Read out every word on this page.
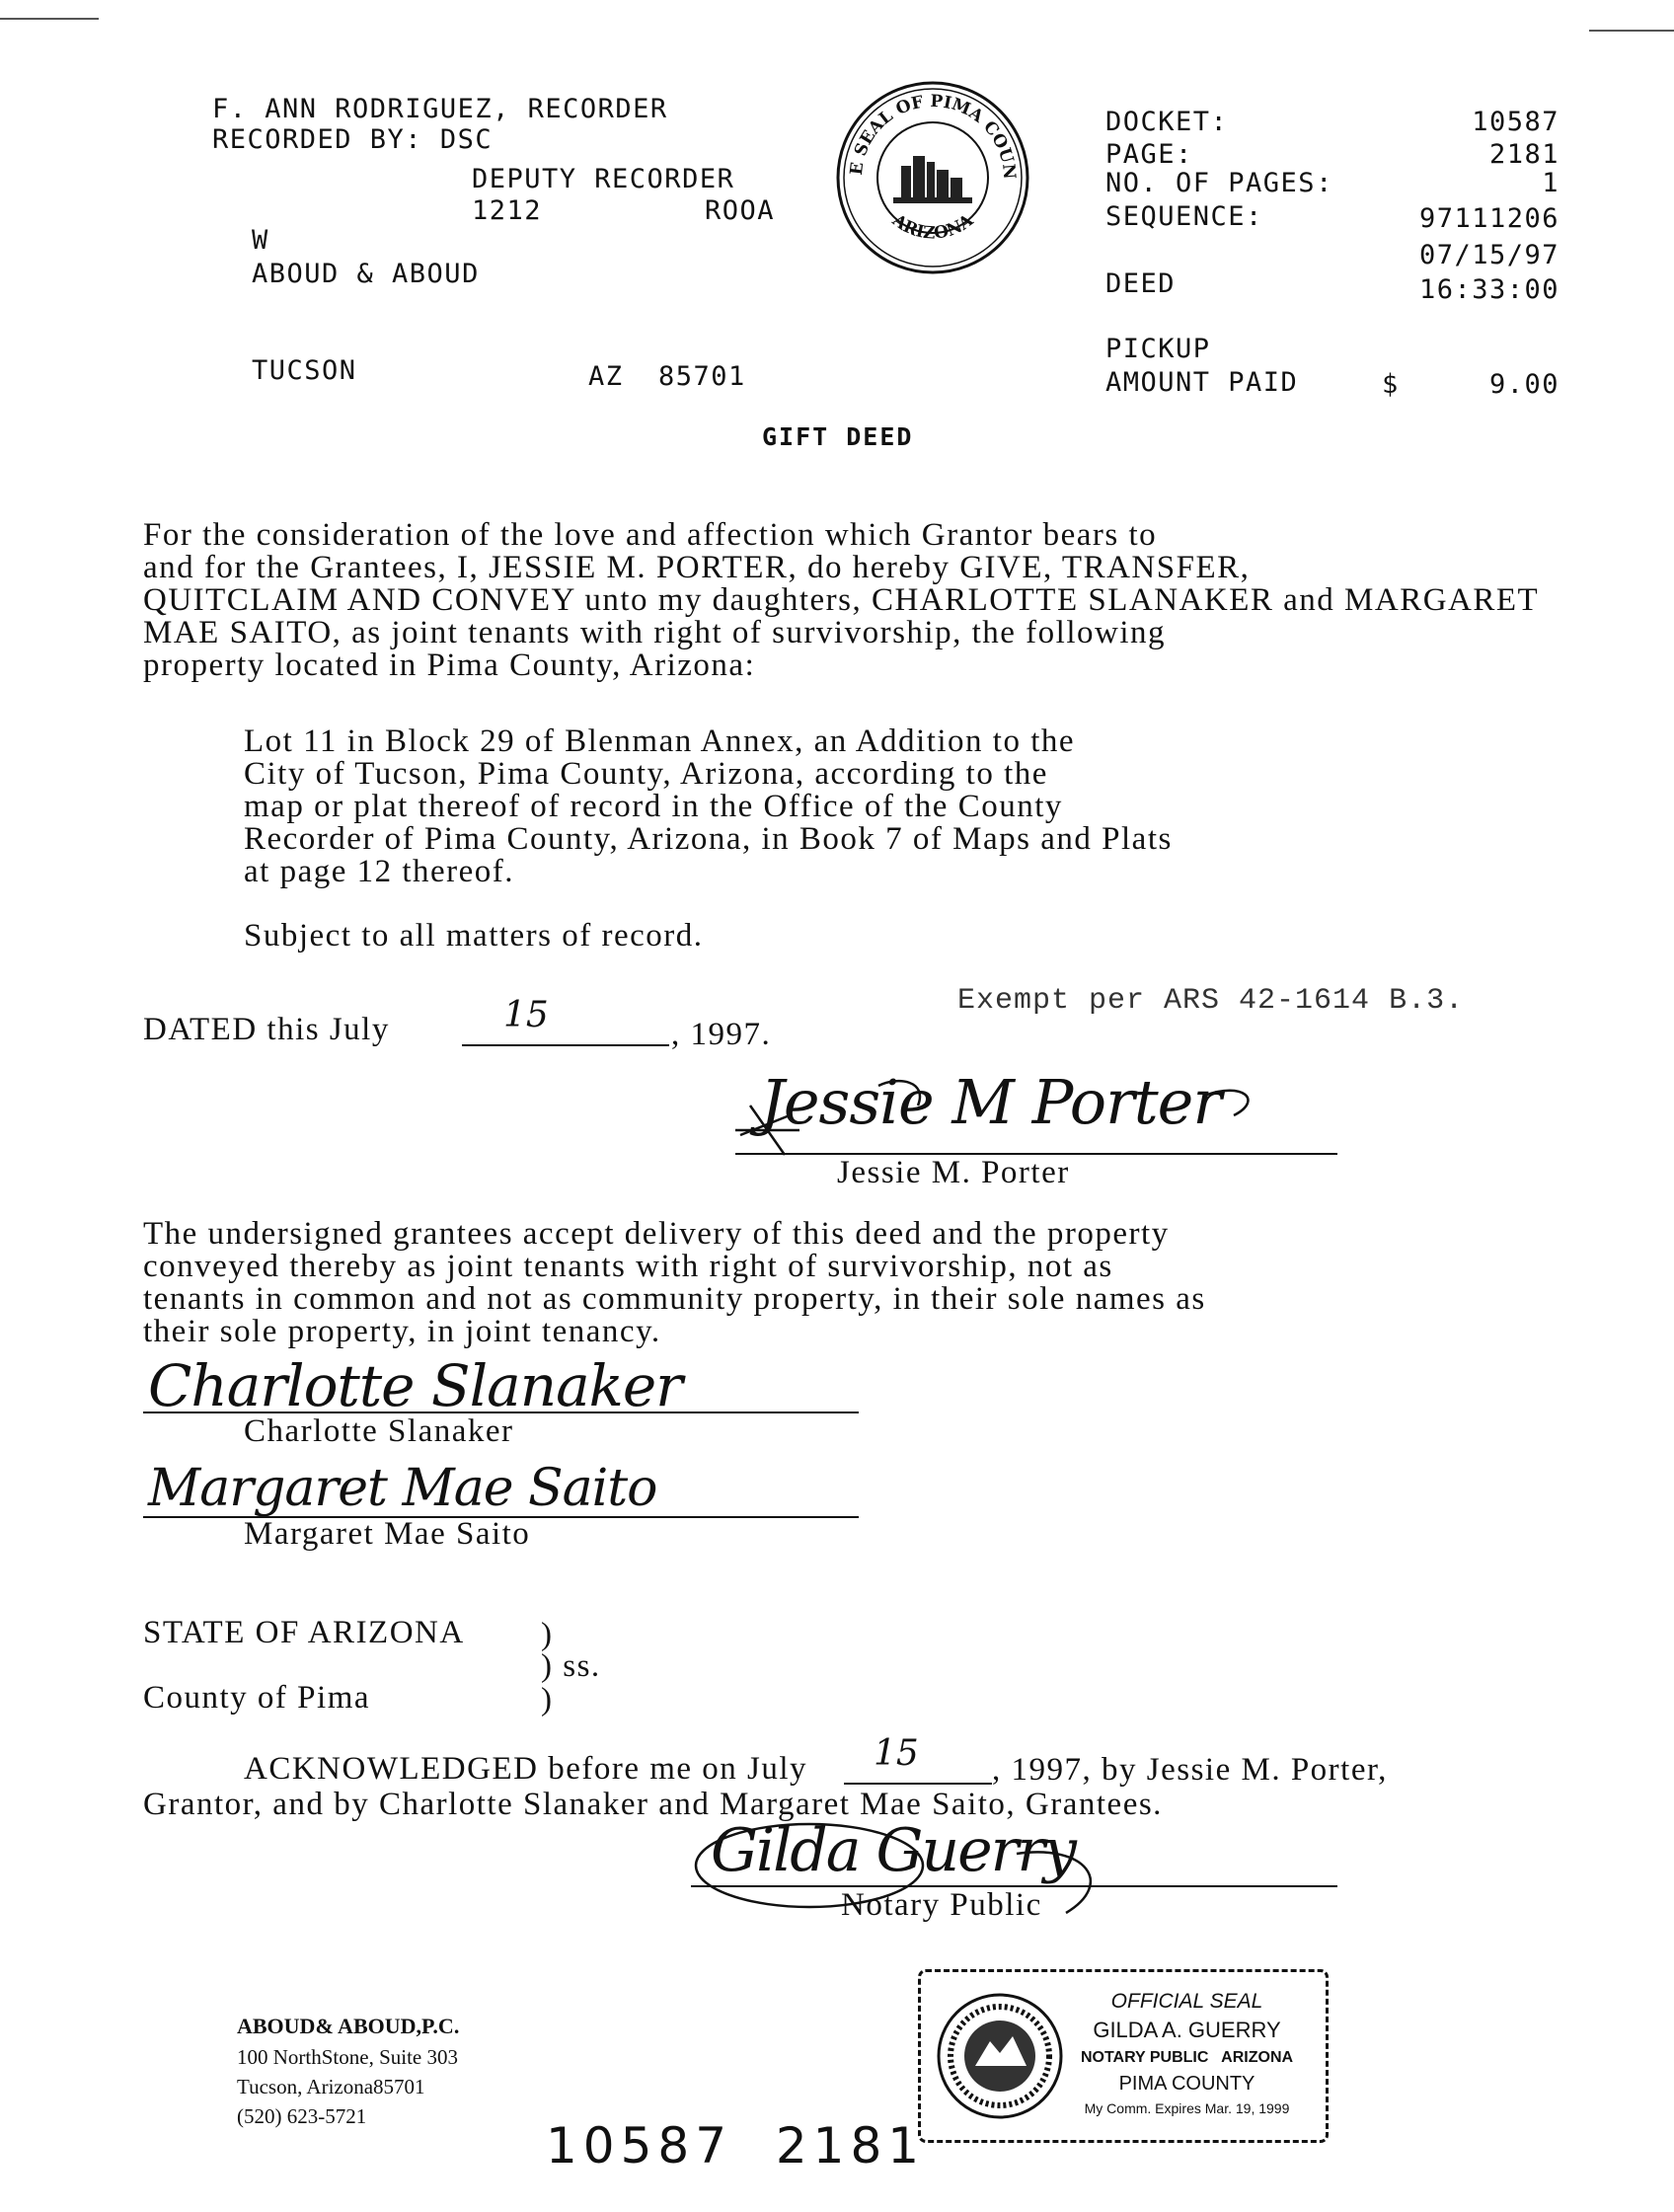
F. ANN RODRIGUEZ, RECORDER
RECORDED BY: DSC
DEPUTY RECORDER
1212	ROOA
W
ABOUD & ABOUD
TUCSON	AZ  85701
THE SEAL OF PIMA COUNTY
ARIZONA
DOCKET:	10587
PAGE:	2181
NO. OF PAGES:	1
SEQUENCE:	97111206
07/15/97
DEED	16:33:00
PICKUP
AMOUNT PAID	$	9.00
GIFT DEED
For the consideration of the love and affection which Grantor bears to
and for the Grantees, I, JESSIE M. PORTER, do hereby GIVE, TRANSFER,
QUITCLAIM AND CONVEY unto my daughters, CHARLOTTE SLANAKER and MARGARET
MAE SAITO, as joint tenants with right of survivorship, the following
property located in Pima County, Arizona:
Lot 11 in Block 29 of Blenman Annex, an Addition to the
City of Tucson, Pima County, Arizona, according to the
map or plat thereof of record in the Office of the County
Recorder of Pima County, Arizona, in Book 7 of Maps and Plats
at page 12 thereof.
Subject to all matters of record.
Exempt per ARS 42-1614 B.3.
DATED this July	15	, 1997.
Jessie M Porter
Jessie M. Porter
The undersigned grantees accept delivery of this deed and the property
conveyed thereby as joint tenants with right of survivorship, not as
tenants in common and not as community property, in their sole names as
their sole property, in joint tenancy.
Charlotte Slanaker
Charlotte Slanaker
Margaret Mae Saito
Margaret Mae Saito
STATE OF ARIZONA )
) ss.
County of Pima	)
ACKNOWLEDGED before me on July 15 , 1997, by Jessie M. Porter,
Grantor, and by Charlotte Slanaker and Margaret Mae Saito, Grantees.
Gilda Guerry
Notary Public
ABOUD& ABOUD,P.C.
100 NorthStone, Suite 303
Tucson, Arizona85701
(520) 623-5721
10587  2181
OFFICIAL SEAL
GILDA A. GUERRY
NOTARY PUBLIC   ARIZONA
PIMA COUNTY
My Comm. Expires Mar. 19, 1999
